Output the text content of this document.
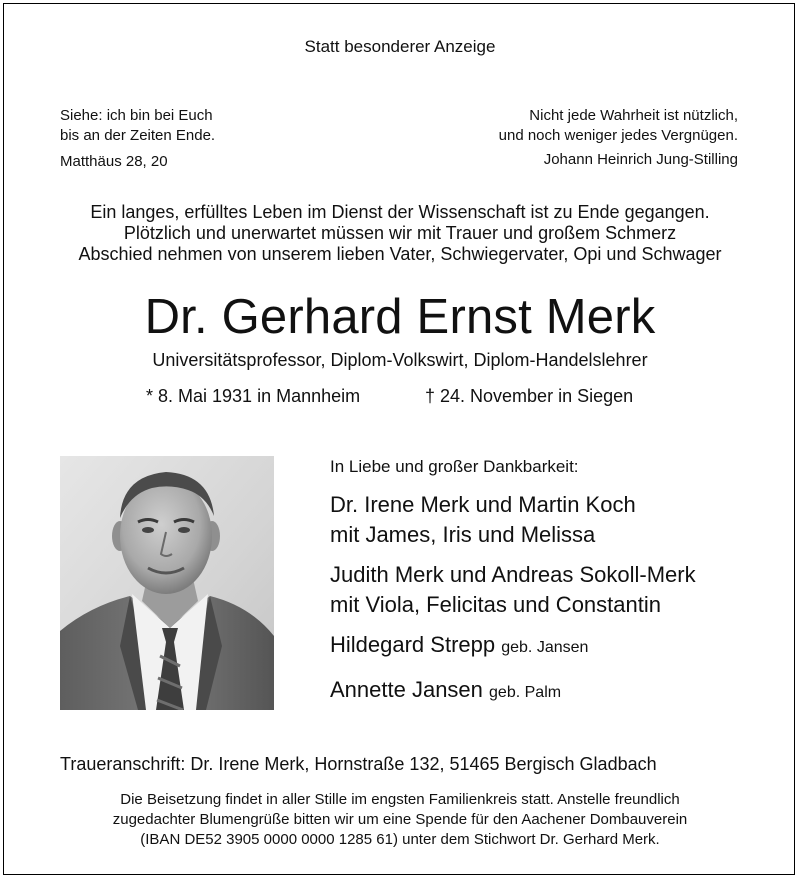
Statt besonderer Anzeige
Siehe: ich bin bei Euch
bis an der Zeiten Ende.
Matthäus 28, 20
Nicht jede Wahrheit ist nützlich,
und noch weniger jedes Vergnügen.
Johann Heinrich Jung-Stilling
Ein langes, erfülltes Leben im Dienst der Wissenschaft ist zu Ende gegangen.
Plötzlich und unerwartet müssen wir mit Trauer und großem Schmerz
Abschied nehmen von unserem lieben Vater, Schwiegervater, Opi und Schwager
Dr. Gerhard Ernst Merk
Universitätsprofessor, Diplom-Volkswirt, Diplom-Handelslehrer
* 8. Mai 1931 in Mannheim	† 24. November in Siegen
In Liebe und großer Dankbarkeit:
Dr. Irene Merk und Martin Koch
mit James, Iris und Melissa
Judith Merk und Andreas Sokoll-Merk
mit Viola, Felicitas und Constantin
Hildegard Strepp geb. Jansen
Annette Jansen geb. Palm
Traueranschrift: Dr. Irene Merk, Hornstraße 132, 51465 Bergisch Gladbach
Die Beisetzung findet in aller Stille im engsten Familienkreis statt. Anstelle freundlich
zugedachter Blumengrüße bitten wir um eine Spende für den Aachener Dombauverein
(IBAN DE52 3905 0000 0000 1285 61) unter dem Stichwort Dr. Gerhard Merk.
